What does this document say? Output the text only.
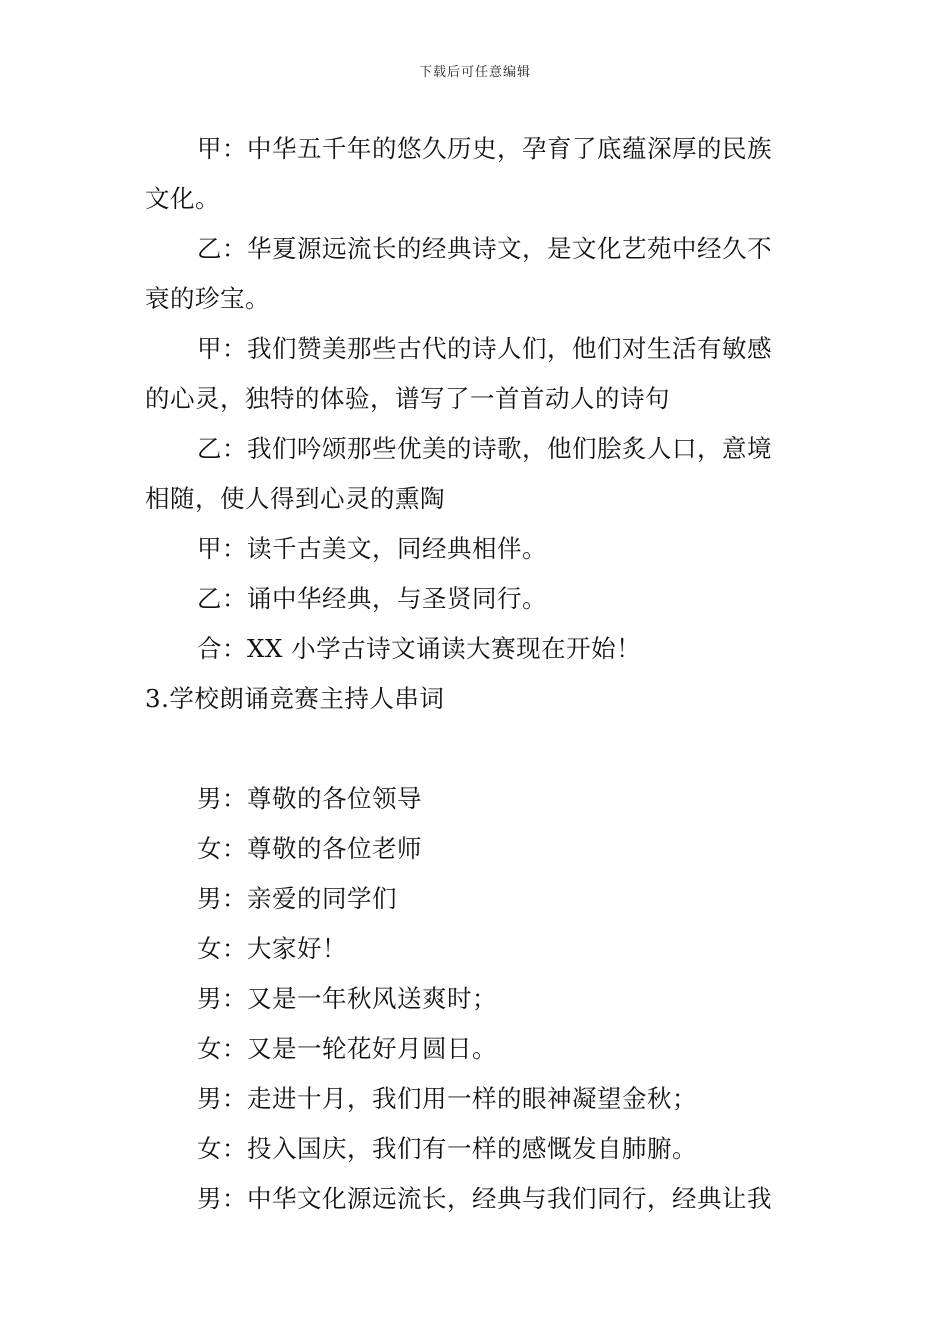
下载后可任意编辑
甲：中华五千年的悠久历史，孕育了底蕴深厚的民族
文化。
乙：华夏源远流长的经典诗文，是文化艺苑中经久不
衰的珍宝。
甲：我们赞美那些古代的诗人们，他们对生活有敏感
的心灵，独特的体验，谱写了一首首动人的诗句
乙：我们吟颂那些优美的诗歌，他们脍炙人口，意境
相随，使人得到心灵的熏陶
甲：读千古美文，同经典相伴。
乙：诵中华经典，与圣贤同行。
合：XX 小学古诗文诵读大赛现在开始！
3.学校朗诵竞赛主持人串词
男：尊敬的各位领导
女：尊敬的各位老师
男：亲爱的同学们
女：大家好！
男：又是一年秋风送爽时；
女：又是一轮花好月圆日。
男：走进十月，我们用一样的眼神凝望金秋；
女：投入国庆，我们有一样的感慨发自肺腑。
男：中华文化源远流长，经典与我们同行，经典让我
